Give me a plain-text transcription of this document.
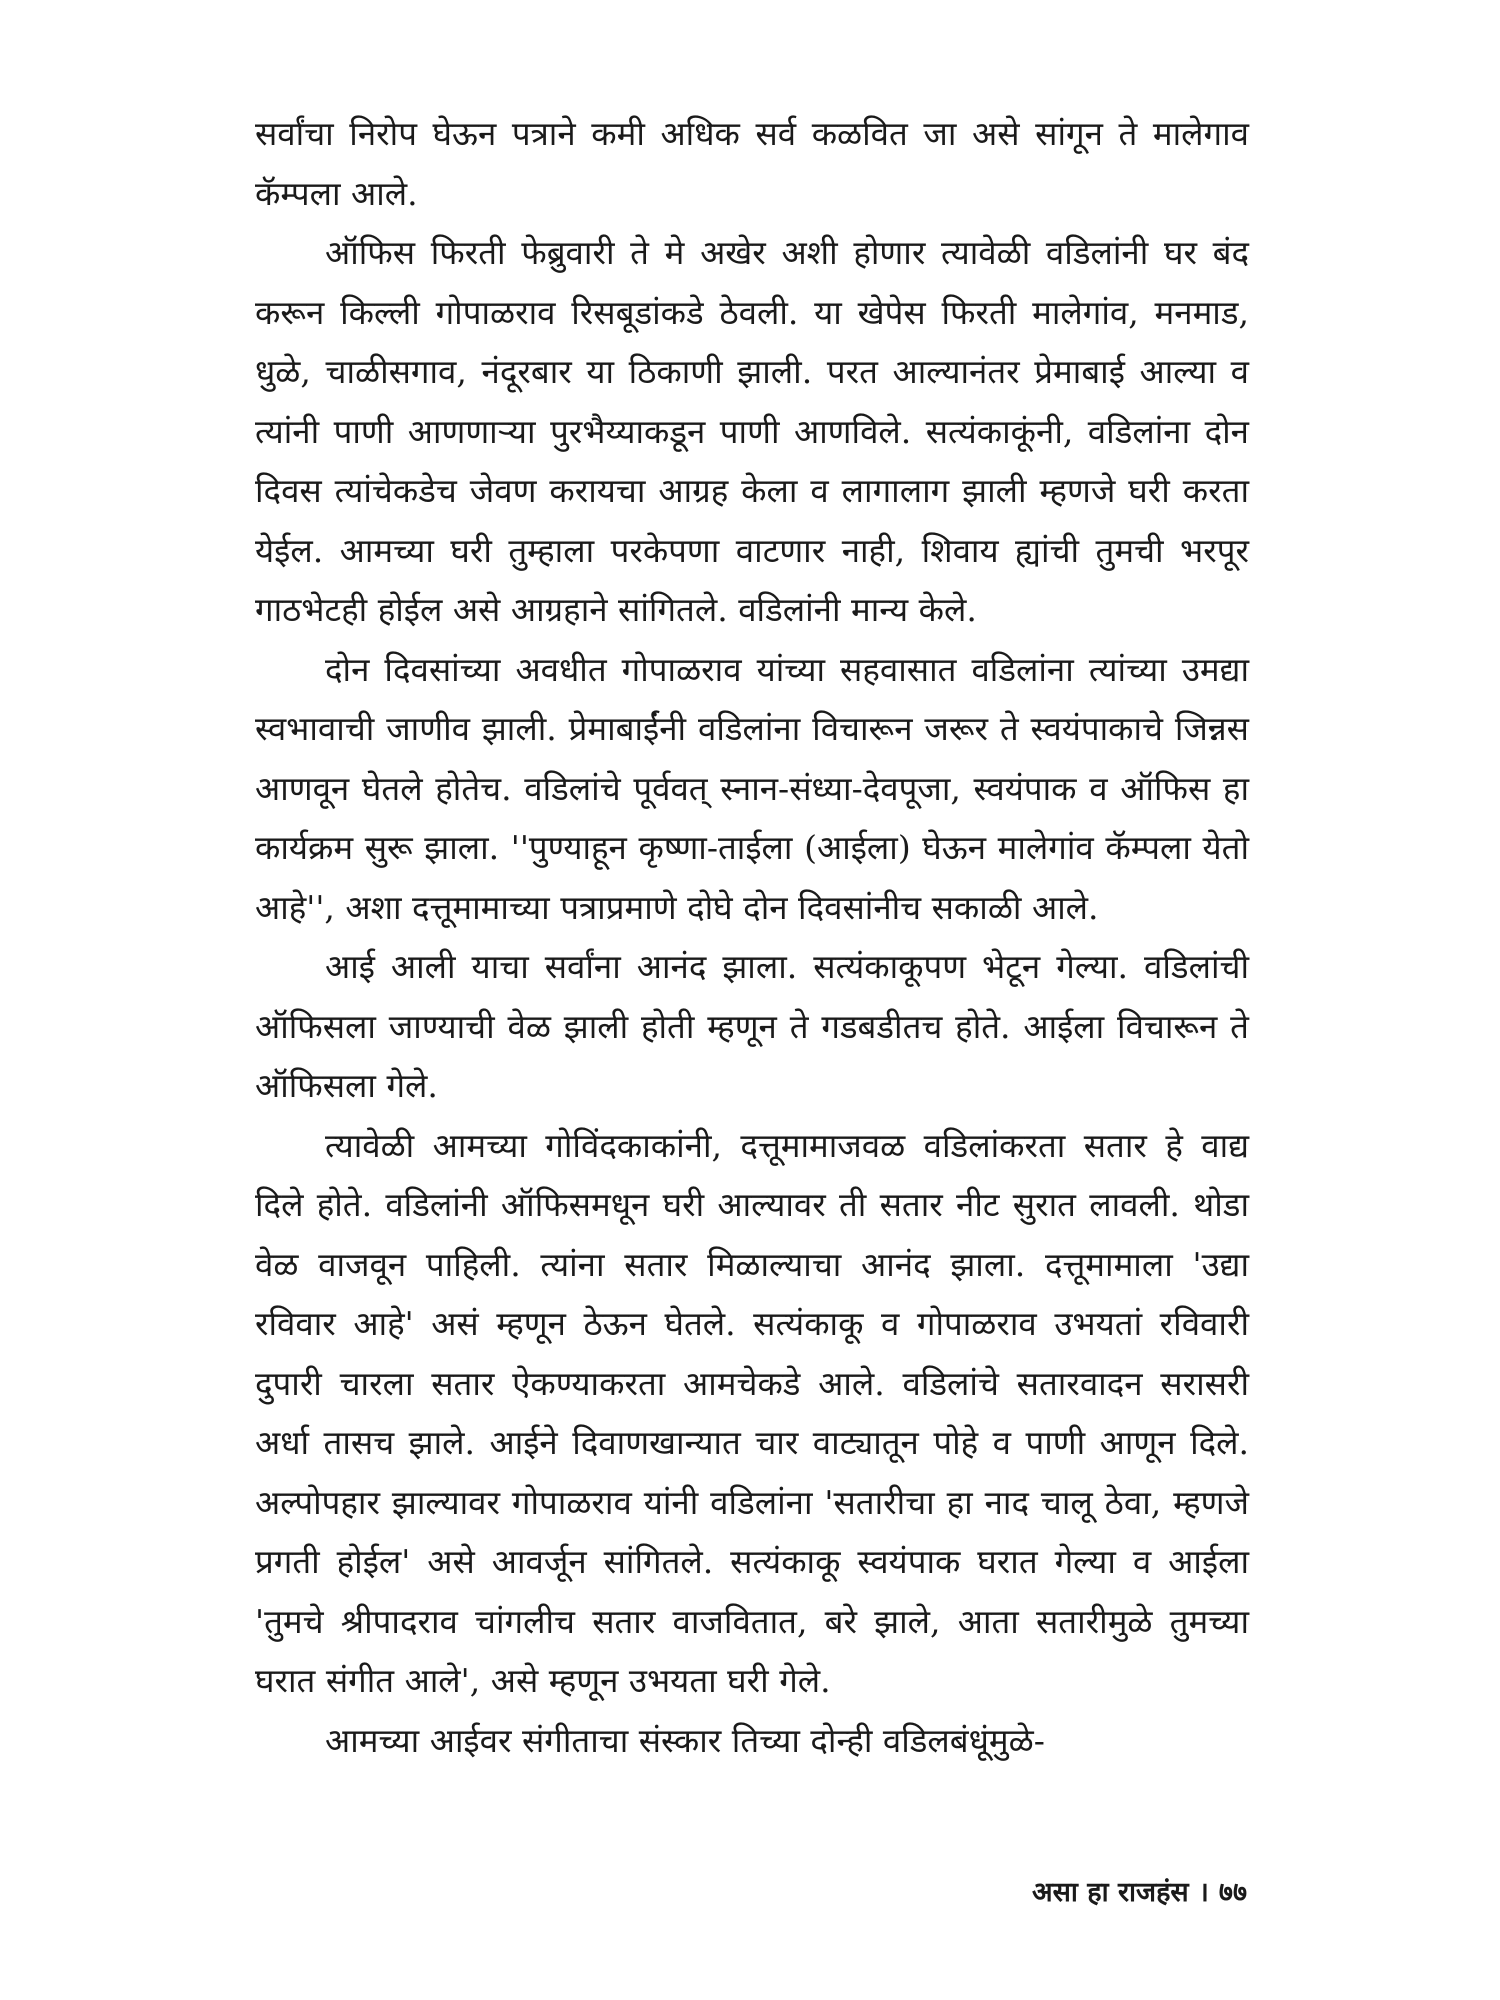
सर्वांचा निरोप घेऊन पत्राने कमी अधिक सर्व कळवित जा असे सांगून ते मालेगाव कॅम्पला आले.

ऑफिस फिरती फेब्रुवारी ते मे अखेर अशी होणार त्यावेळी वडिलांनी घर बंद करून किल्ली गोपाळराव रिसबूडांकडे ठेवली. या खेपेस फिरती मालेगांव, मनमाड, धुळे, चाळीसगाव, नंदूरबार या ठिकाणी झाली. परत आल्यानंतर प्रेमाबाई आल्या व त्यांनी पाणी आणणाऱ्या पुरभैय्याकडून पाणी आणविले. सत्यंकाकूंनी, वडिलांना दोन दिवस त्यांचेकडेच जेवण करायचा आग्रह केला व लागालाग झाली म्हणजे घरी करता येईल. आमच्या घरी तुम्हाला परकेपणा वाटणार नाही, शिवाय ह्यांची तुमची भरपूर गाठभेटही होईल असे आग्रहाने सांगितले. वडिलांनी मान्य केले.

दोन दिवसांच्या अवधीत गोपाळराव यांच्या सहवासात वडिलांना त्यांच्या उमद्या स्वभावाची जाणीव झाली. प्रेमाबाईंनी वडिलांना विचारून जरूर ते स्वयंपाकाचे जिन्नस आणवून घेतले होतेच. वडिलांचे पूर्ववत् स्नान-संध्या-देवपूजा, स्वयंपाक व ऑफिस हा कार्यक्रम सुरू झाला. ''पुण्याहून कृष्णा-ताईला (आईला) घेऊन मालेगांव कॅम्पला येतो आहे'', अशा दत्तूमामाच्या पत्राप्रमाणे दोघे दोन दिवसांनीच सकाळी आले.

आई आली याचा सर्वांना आनंद झाला. सत्यंकाकूपण भेटून गेल्या. वडिलांची ऑफिसला जाण्याची वेळ झाली होती म्हणून ते गडबडीतच होते. आईला विचारून ते ऑफिसला गेले.

त्यावेळी आमच्या गोविंदकाकांनी, दत्तूमामाजवळ वडिलांकरता सतार हे वाद्य दिले होते. वडिलांनी ऑफिसमधून घरी आल्यावर ती सतार नीट सुरात लावली. थोडा वेळ वाजवून पाहिली. त्यांना सतार मिळाल्याचा आनंद झाला. दत्तूमामाला 'उद्या रविवार आहे' असं म्हणून ठेऊन घेतले. सत्यंकाकू व गोपाळराव उभयतां रविवारी दुपारी चारला सतार ऐकण्याकरता आमचेकडे आले. वडिलांचे सतारवादन सरासरी अर्धा तासच झाले. आईने दिवाणखान्यात चार वाट्यातून पोहे व पाणी आणून दिले. अल्पोपहार झाल्यावर गोपाळराव यांनी वडिलांना 'सतारीचा हा नाद चालू ठेवा, म्हणजे प्रगती होईल' असे आवर्जून सांगितले. सत्यंकाकू स्वयंपाक घरात गेल्या व आईला 'तुमचे श्रीपादराव चांगलीच सतार वाजवितात, बरे झाले, आता सतारीमुळे तुमच्या घरात संगीत आले', असे म्हणून उभयता घरी गेले.

आमच्या आईवर संगीताचा संस्कार तिच्या दोन्ही वडिलबंधूंमुळे-

असा हा राजहंस । ७७
